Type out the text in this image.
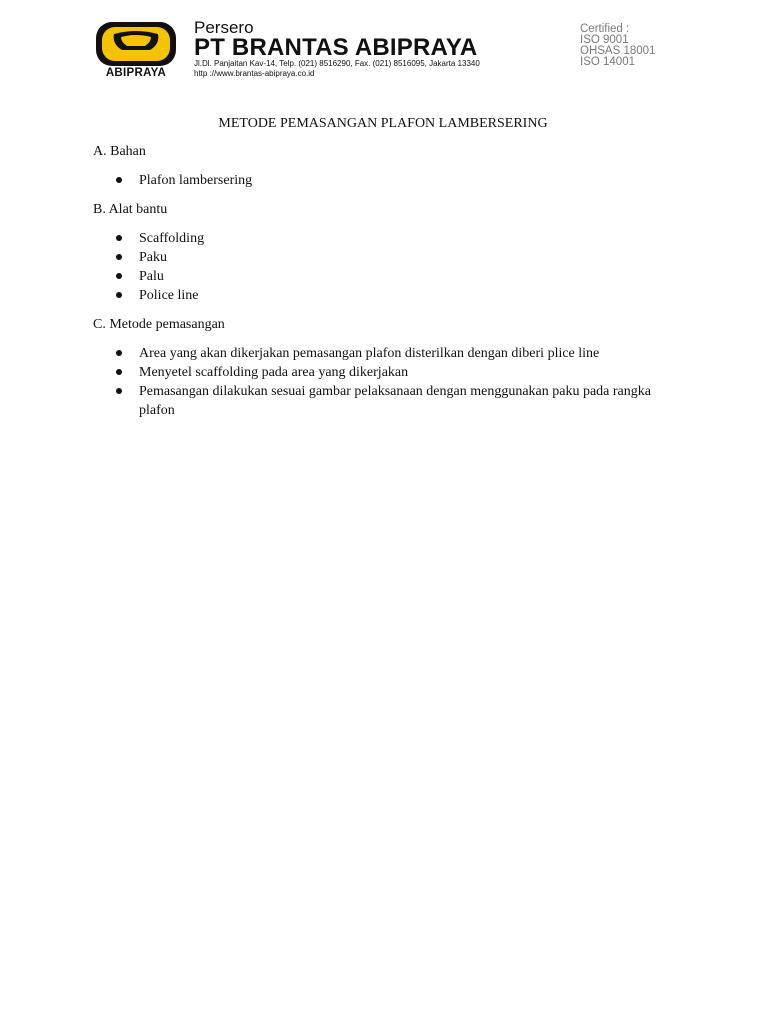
ABIPRAYA
Persero
PT BRANTAS ABIPRAYA
Jl.Dl. Panjaitan Kav-14, Telp. (021) 8516290, Fax. (021) 8516095, Jakarta 13340
http ://www.brantas-abipraya.co.id
Certified :
ISO 9001
OHSAS 18001
ISO 14001
METODE PEMASANGAN PLAFON LAMBERSERING
A. Bahan
Plafon lambersering
B. Alat bantu
Scaffolding
Paku
Palu
Police line
C. Metode pemasangan
Area yang akan dikerjakan pemasangan plafon disterilkan dengan diberi plice line
Menyetel scaffolding pada area yang dikerjakan
Pemasangan dilakukan sesuai gambar pelaksanaan dengan menggunakan paku pada rangka plafon
